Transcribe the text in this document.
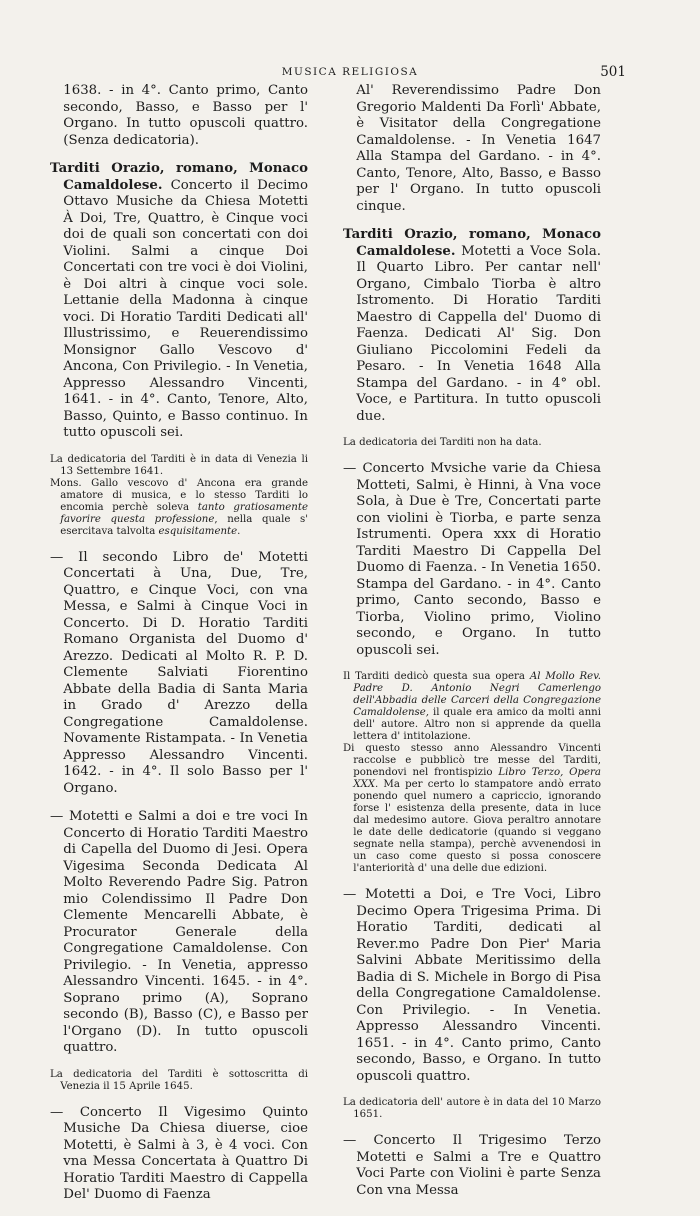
MUSICA RELIGIOSA	501

1638. - in 4°. Canto primo, Canto secondo, Basso, e Basso per l' Organo. In tutto opuscoli quattro. (Senza dedicatoria).

Tarditi Orazio, romano, Monaco Camaldolese. Concerto il Decimo Ottavo Musiche da Chiesa Motetti À Doi, Tre, Quattro, è Cinque voci doi de quali son concertati con doi Violini. Salmi a cinque Doi Concertati con tre voci è doi Violini, è Doi altri à cinque voci sole. Lettanie della Madonna à cinque voci. Di Horatio Tarditi Dedicati all' Illustrissimo, e Reuerendissimo Monsignor Gallo Vescovo d' Ancona, Con Privilegio. - In Venetia, Appresso Alessandro Vincenti, 1641. - in 4°. Canto, Tenore, Alto, Basso, Quinto, e Basso continuo. In tutto opuscoli sei.

La dedicatoria del Tarditi è in data di Venezia li 13 Settembre 1641.

Mons. Gallo vescovo d' Ancona era grande amatore di musica, e lo stesso Tarditi lo encomia perchè soleva tanto gratiosamente favorire questa professione, nella quale s' esercitava talvolta esquisitamente.

— Il secondo Libro de' Motetti Concertati à Una, Due, Tre, Quattro, e Cinque Voci, con vna Messa, e Salmi à Cinque Voci in Concerto. Di D. Horatio Tarditi Romano Organista del Duomo d' Arezzo. Dedicati al Molto R. P. D. Clemente Salviati Fiorentino Abbate della Badia di Santa Maria in Grado d' Arezzo della Congregatione Camaldolense. Novamente Ristampata. - In Venetia Appresso Alessandro Vincenti. 1642. - in 4°. Il solo Basso per l' Organo.

— Motetti e Salmi a doi e tre voci In Concerto di Horatio Tarditi Maestro di Capella del Duomo di Jesi. Opera Vigesima Seconda Dedicata Al Molto Reverendo Padre Sig. Patron mio Colendissimo Il Padre Don Clemente Mencarelli Abbate, è Procurator Generale della Congregatione Camaldolense. Con Privilegio. - In Venetia, appresso Alessandro Vincenti. 1645. - in 4°. Soprano primo (A), Soprano secondo (B), Basso (C), e Basso per l'Organo (D). In tutto opuscoli quattro.

La dedicatoria del Tarditi è sottoscritta di Venezia il 15 Aprile 1645.

— Concerto Il Vigesimo Quinto Musiche Da Chiesa diuerse, cioe Motetti, è Salmi à 3, è 4 voci. Con vna Messa Concertata à Quattro Di Horatio Tarditi Maestro di Cappella Del' Duomo di Faenza

Al' Reverendissimo Padre Don Gregorio Maldenti Da Forlì' Abbate, è Visitator della Congregatione Camaldolense. - In Venetia 1647 Alla Stampa del Gardano. - in 4°. Canto, Tenore, Alto, Basso, e Basso per l' Organo. In tutto opuscoli cinque.

Tarditi Orazio, romano, Monaco Camaldolese. Motetti a Voce Sola. Il Quarto Libro. Per cantar nell' Organo, Cimbalo Tiorba è altro Istromento. Di Horatio Tarditi Maestro di Cappella del' Duomo di Faenza. Dedicati Al' Sig. Don Giuliano Piccolomini Fedeli da Pesaro. - In Venetia 1648 Alla Stampa del Gardano. - in 4° obl. Voce, e Partitura. In tutto opuscoli due.

La dedicatoria dei Tarditi non ha data.

— Concerto Mvsiche varie da Chiesa Motteti, Salmi, è Hinni, à Vna voce Sola, à Due è Tre, Concertati parte con violini è Tiorba, e parte senza Istrumenti. Opera xxx di Horatio Tarditi Maestro Di Cappella Del Duomo di Faenza. - In Venetia 1650. Stampa del Gardano. - in 4°. Canto primo, Canto secondo, Basso e Tiorba, Violino primo, Violino secondo, e Organo. In tutto opuscoli sei.

Il Tarditi dedicò questa sua opera Al Mollo Rev. Padre D. Antonio Negri Camerlengo dell'Abbadia delle Carceri della Congregazione Camaldolense, il quale era amico da molti anni dell' autore. Altro non si apprende da quella lettera d' intitolazione.

Di questo stesso anno Alessandro Vincenti raccolse e pubblicò tre messe del Tarditi, ponendovi nel frontispizio Libro Terzo, Opera XXX. Ma per certo lo stampatore andò errato ponendo quel numero a capriccio, ignorando forse l' esistenza della presente, data in luce dal medesimo autore. Giova peraltro annotare le date delle dedicatorie (quando si veggano segnate nella stampa), perchè avvenendosi in un caso come questo si possa conoscere l'anteriorità d' una delle due edizioni.

— Motetti a Doi, e Tre Voci, Libro Decimo Opera Trigesima Prima. Di Horatio Tarditi, dedicati al Rever.mo Padre Don Pier' Maria Salvini Abbate Meritissimo della Badia di S. Michele in Borgo di Pisa della Congregatione Camaldolense. Con Privilegio. - In Venetia. Appresso Alessandro Vincenti. 1651. - in 4°. Canto primo, Canto secondo, Basso, e Organo. In tutto opuscoli quattro.

La dedicatoria dell' autore è in data del 10 Marzo 1651.

— Concerto Il Trigesimo Terzo Motetti e Salmi a Tre e Quattro Voci Parte con Violini è parte Senza Con vna Messa
